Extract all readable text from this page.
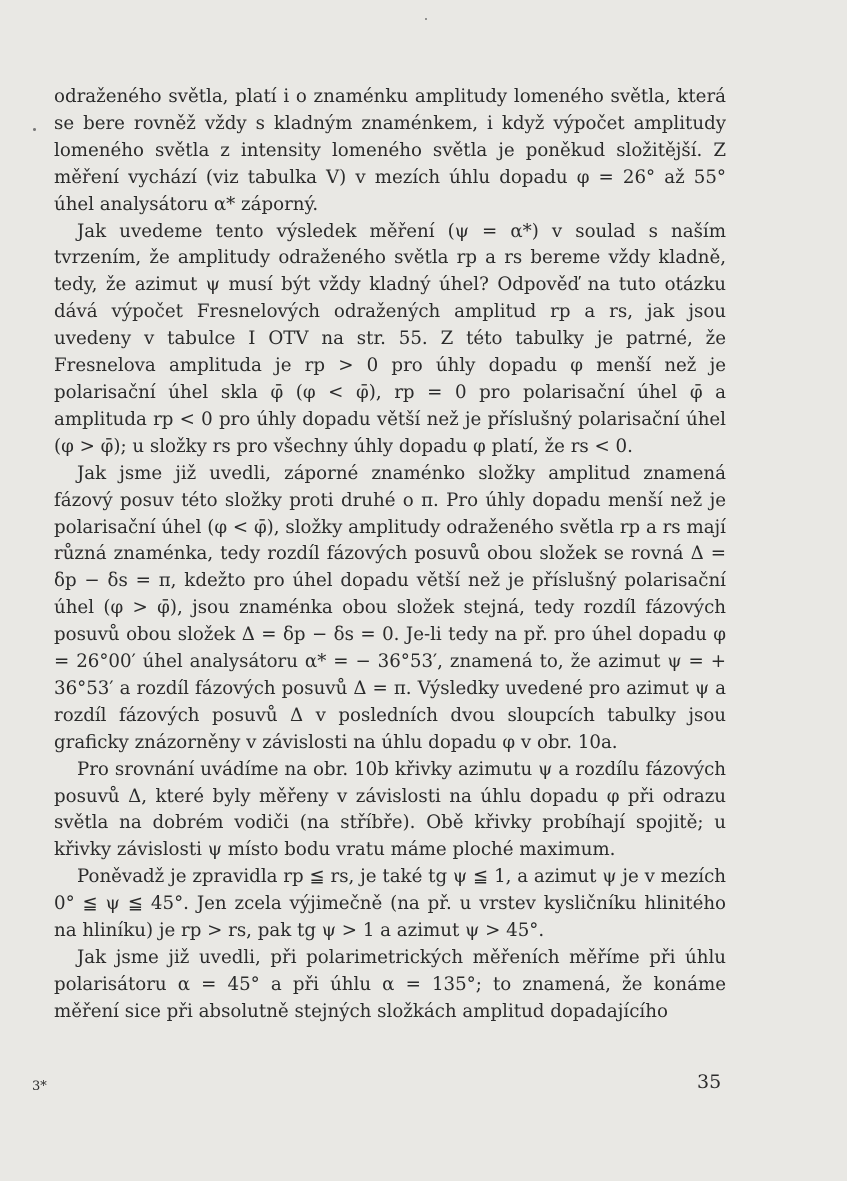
odraženého světla, platí i o znaménku amplitudy lomeného světla, která se bere rovněž vždy s kladným znaménkem, i když výpočet amplitudy lomeného světla z intensity lomeného světla je poněkud složitější. Z měření vychází (viz tabulka V) v mezích úhlu dopadu φ = 26° až 55° úhel analysátoru α* záporný.

Jak uvedeme tento výsledek měření (ψ = α*) v soulad s naším tvrzením, že amplitudy odraženého světla rp a rs bereme vždy kladně, tedy, že azimut ψ musí být vždy kladný úhel? Odpověď na tuto otázku dává výpočet Fresnelových odražených amplitud rp a rs, jak jsou uvedeny v tabulce I OTV na str. 55. Z této tabulky je patrné, že Fresnelova amplituda je rp > 0 pro úhly dopadu φ menší než je polarisační úhel skla φ̄ (φ < φ̄), rp = 0 pro polarisační úhel φ̄ a amplituda rp < 0 pro úhly dopadu větší než je příslušný polarisační úhel (φ > φ̄); u složky rs pro všechny úhly dopadu φ platí, že rs < 0.

Jak jsme již uvedli, záporné znaménko složky amplitud znamená fázový posuv této složky proti druhé o π. Pro úhly dopadu menší než je polarisační úhel (φ < φ̄), složky amplitudy odraženého světla rp a rs mají různá znaménka, tedy rozdíl fázových posuvů obou složek se rovná Δ = δp − δs = π, kdežto pro úhel dopadu větší než je příslušný polarisační úhel (φ > φ̄), jsou znaménka obou složek stejná, tedy rozdíl fázových posuvů obou složek Δ = δp − δs = 0. Je-li tedy na př. pro úhel dopadu φ = 26°00′ úhel analysátoru α* = − 36°53′, znamená to, že azimut ψ = + 36°53′ a rozdíl fázových posuvů Δ = π. Výsledky uvedené pro azimut ψ a rozdíl fázových posuvů Δ v posledních dvou sloupcích tabulky jsou graficky znázorněny v závislosti na úhlu dopadu φ v obr. 10a.

Pro srovnání uvádíme na obr. 10b křivky azimutu ψ a rozdílu fázových posuvů Δ, které byly měřeny v závislosti na úhlu dopadu φ při odrazu světla na dobrém vodiči (na stříbře). Obě křivky probíhají spojitě; u křivky závislosti ψ místo bodu vratu máme ploché maximum.

Poněvadž je zpravidla rp ≦ rs, je také tg ψ ≦ 1, a azimut ψ je v mezích 0° ≦ ψ ≦ 45°. Jen zcela výjimečně (na př. u vrstev kysličníku hlinitého na hliníku) je rp > rs, pak tg ψ > 1 a azimut ψ > 45°.

Jak jsme již uvedli, při polarimetrických měřeních měříme při úhlu polarisátoru α = 45° a při úhlu α = 135°; to znamená, že konáme měření sice při absolutně stejných složkách amplitud dopadajícího

3*	35
